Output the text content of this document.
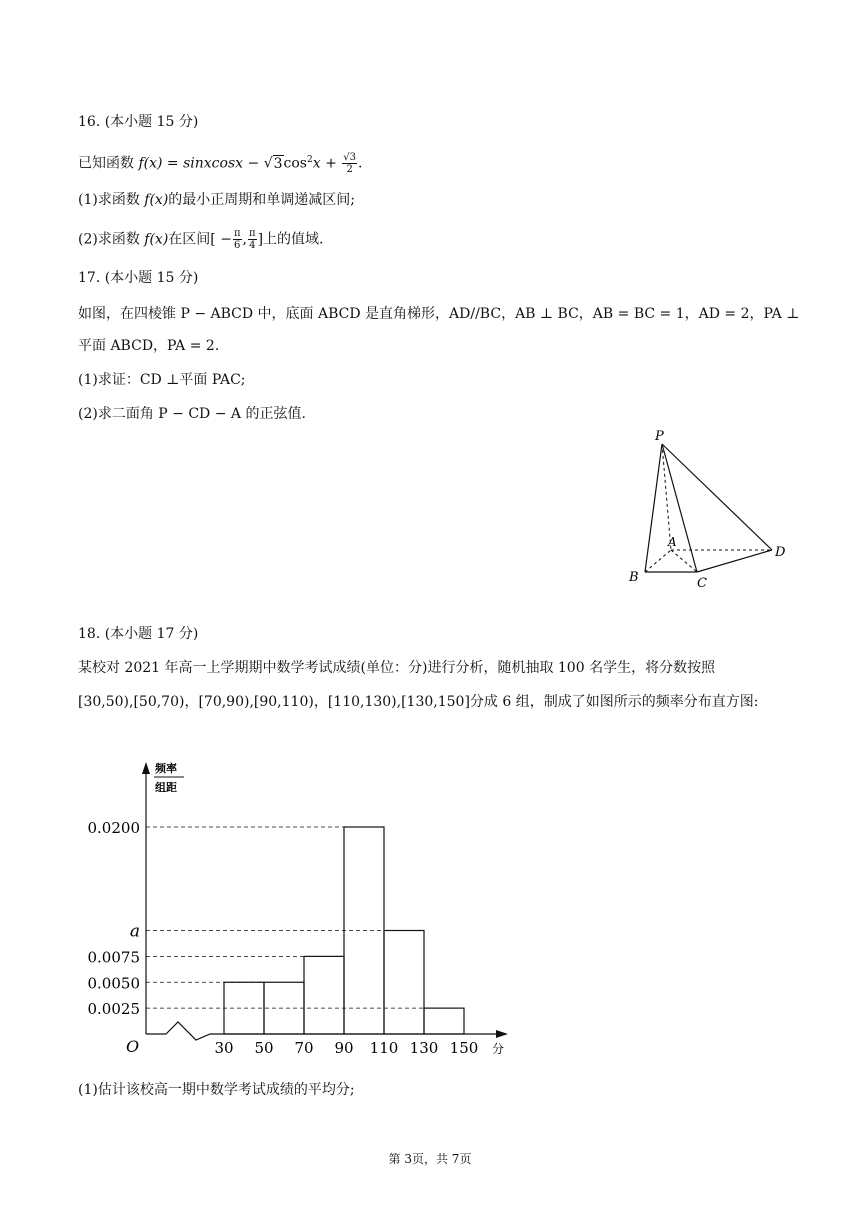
16. (本小题 15 分)
已知函数 f(x) = sinxcosx − $√3\cos^2x + \frac{√3}{2}$ .
(1)求函数 f(x)的最小正周期和单调递减区间;
(2)求函数 f(x)在区间[ − $\frac{\pi}{6}$ , $\frac{\pi}{4}$ ]上的值域.
17. (本小题 15 分)
如图，在四棱锥 P − ABCD 中，底面 ABCD 是直角梯形，AD//BC，AB ⊥ BC，AB = BC = 1，AD = 2，PA ⊥
平面 ABCD，PA = 2.
(1)求证：CD ⊥平面 PAC;
(2)求二面角 P − CD − A 的正弦值.
P
A
B	C
D
18. (本小题 17 分)
某校对 2021 年高一上学期期中数学考试成绩(单位：分)进行分析，随机抽取 100 名学生，将分数按照
[30,50),[50,70)，[70,90),[90,110)，[110,130),[130,150]分成 6 组，制成了如图所示的频率分布直方图:
频率
组距
0.0025
0.0050
0.0075
a
0.0200
30 50 70 90 110 130 150
O	分
(1)估计该校高一期中数学考试成绩的平均分;
第 3页，共 7页
